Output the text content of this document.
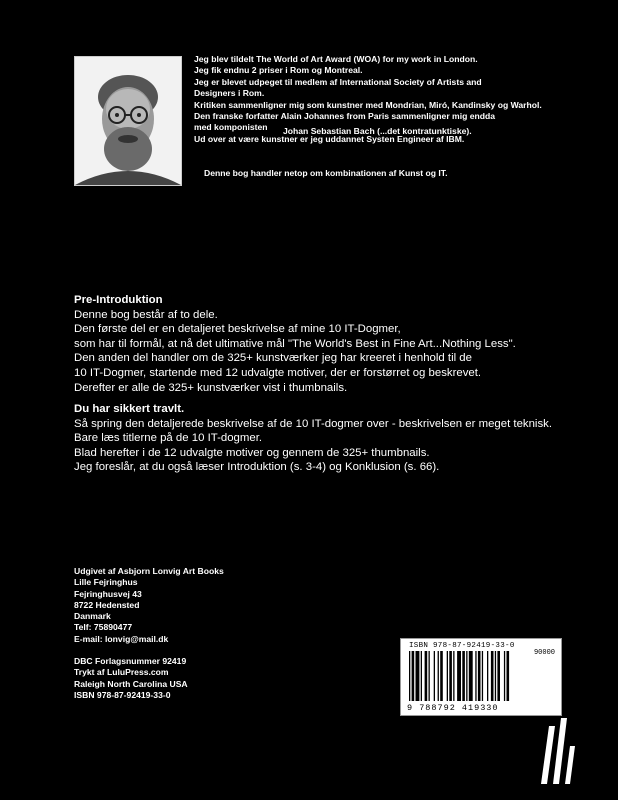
Jeg blev tildelt The World of Art Award (WOA) for my work in London.
Jeg fik endnu 2 priser i Rom og Montreal.
Jeg er blevet udpeget til medlem af International Society of Artists and
Designers i Rom.
Kritiken sammenligner mig som kunstner med Mondrian, Miró, Kandinsky og Warhol.
Den franske forfatter Alain Johannes from Paris sammenligner mig endda
med komponisten Johan Sebastian Bach (...det kontratunktiske).
Ud over at være kunstner er jeg uddannet Systen Engineer af IBM.
Denne bog handler netop om kombinationen af Kunst og IT.
Pre-Introduktion
Denne bog består af to dele.
Den første del er en detaljeret beskrivelse af mine 10 IT-Dogmer,
som har til formål, at nå det ultimative mål "The World's Best in Fine Art...Nothing Less".
Den anden del handler om de 325+ kunstværker jeg har kreeret i henhold til de
10 IT-Dogmer, startende med 12 udvalgte motiver, der er forstørret og beskrevet.
Derefter er alle de 325+ kunstværker vist i thumbnails.
Du har sikkert travlt.
Så spring den detaljerede beskrivelse af de 10 IT-dogmer over - beskrivelsen er meget teknisk.
Bare læs titlerne på de 10 IT-dogmer.
Blad herefter i de 12 udvalgte motiver og gennem de 325+ thumbnails.
Jeg foreslår, at du også læser Introduktion (s. 3-4) og Konklusion (s. 66).
Udgivet af Asbjorn Lonvig Art Books
Lille Fejringhus
Fejringhusvej 43
8722 Hedensted
Danmark
Telf: 75890477
E-mail: lonvig@mail.dk
DBC Forlagsnummer 92419
Trykt af LuluPress.com
Raleigh North Carolina USA
ISBN 978-87-92419-33-0
ISBN 978-87-92419-33-0
90000
9 788792 419330
